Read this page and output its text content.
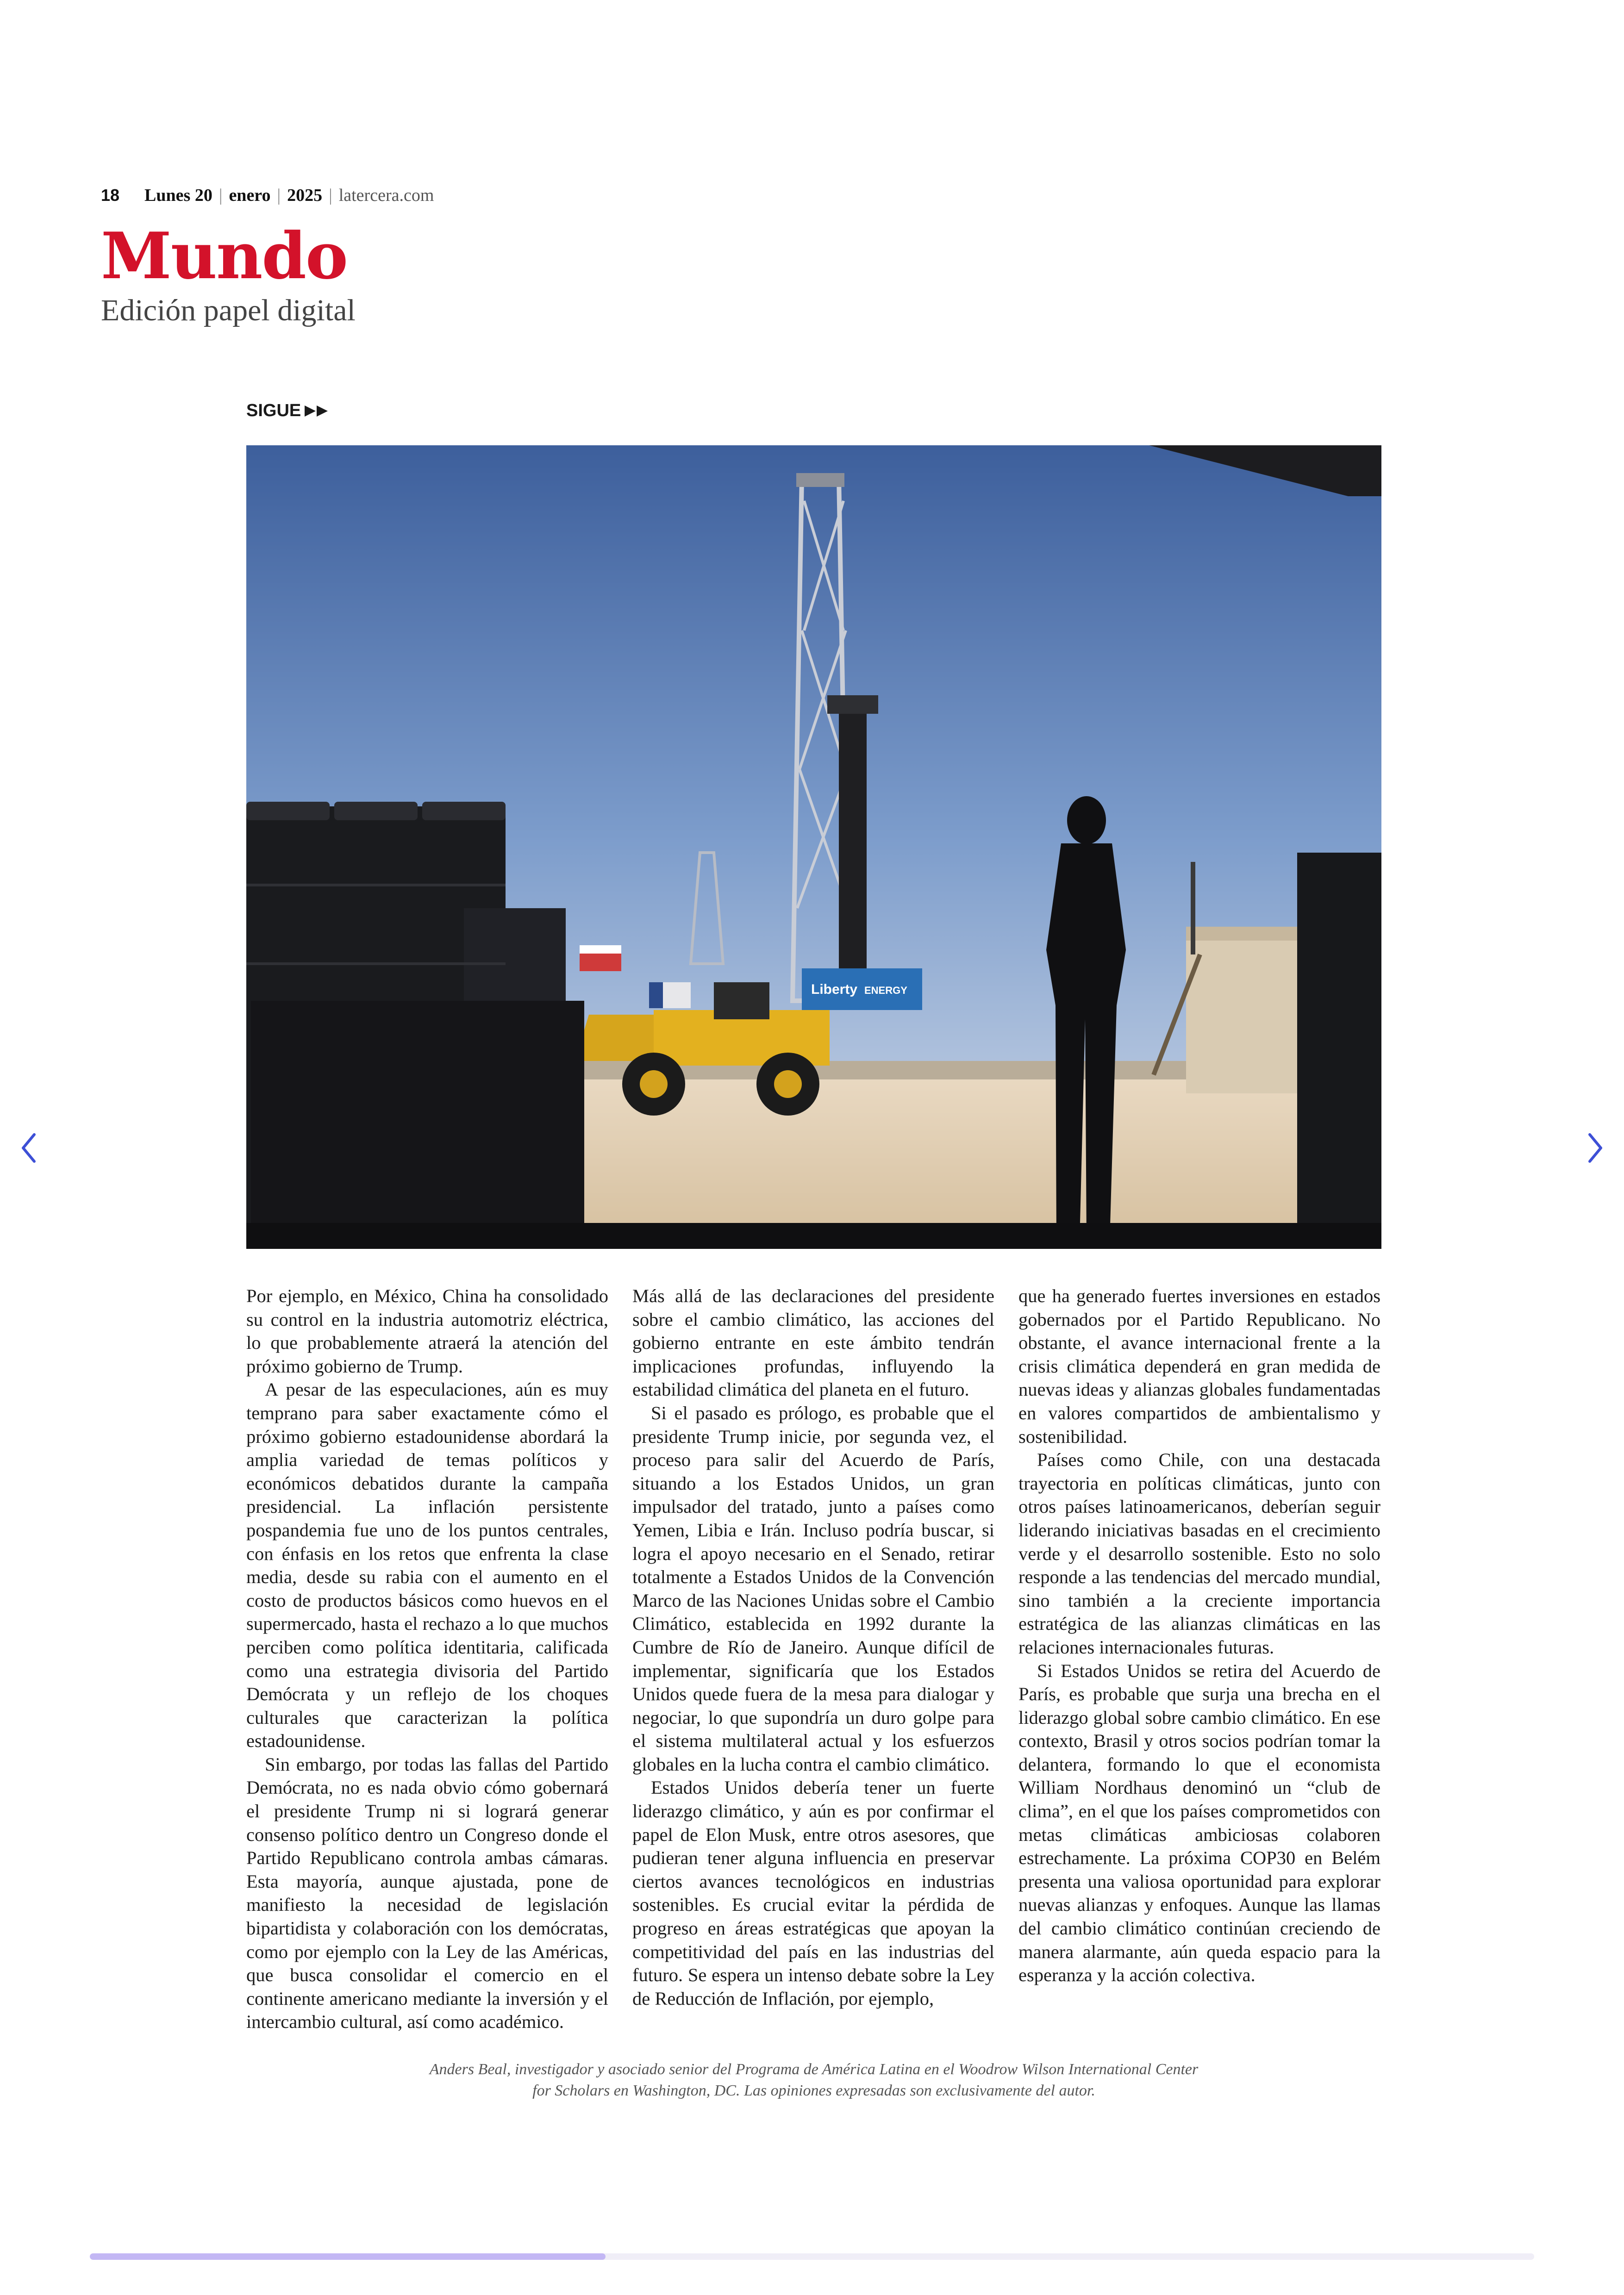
18 Lunes 20 | enero | 2025 | latercera.com
Mundo
Edición papel digital
SIGUE
Liberty ENERGY

Por ejemplo, en México, China ha consolidado su control en la industria automotriz eléctrica, lo que probablemente atraerá la atención del próximo gobierno de Trump.

A pesar de las especulaciones, aún es muy temprano para saber exactamente cómo el próximo gobierno estadounidense abordará la amplia variedad de temas políticos y económicos debatidos durante la campaña presidencial. La inflación persistente pospandemia fue uno de los puntos centrales, con énfasis en los retos que enfrenta la clase media, desde su rabia con el aumento en el costo de productos básicos como huevos en el supermercado, hasta el rechazo a lo que muchos perciben como política identitaria, calificada como una estrategia divisoria del Partido Demócrata y un reflejo de los choques culturales que caracterizan la política estadounidense.

Sin embargo, por todas las fallas del Partido Demócrata, no es nada obvio cómo gobernará el presidente Trump ni si logrará generar consenso político dentro un Congreso donde el Partido Republicano controla ambas cámaras. Esta mayoría, aunque ajustada, pone de manifiesto la necesidad de legislación bipartidista y colaboración con los demócratas, como por ejemplo con la Ley de las Américas, que busca consolidar el comercio en el continente americano mediante la inversión y el intercambio cultural, así como académico.

Más allá de las declaraciones del presidente sobre el cambio climático, las acciones del gobierno entrante en este ámbito tendrán implicaciones profundas, influyendo la estabilidad climática del planeta en el futuro.

Si el pasado es prólogo, es probable que el presidente Trump inicie, por segunda vez, el proceso para salir del Acuerdo de París, situando a los Estados Unidos, un gran impulsador del tratado, junto a países como Yemen, Libia e Irán. Incluso podría buscar, si logra el apoyo necesario en el Senado, retirar totalmente a Estados Unidos de la Convención Marco de las Naciones Unidas sobre el Cambio Climático, establecida en 1992 durante la Cumbre de Río de Janeiro. Aunque difícil de implementar, significaría que los Estados Unidos quede fuera de la mesa para dialogar y negociar, lo que supondría un duro golpe para el sistema multilateral actual y los esfuerzos globales en la lucha contra el cambio climático.

Estados Unidos debería tener un fuerte liderazgo climático, y aún es por confirmar el papel de Elon Musk, entre otros asesores, que pudieran tener alguna influencia en preservar ciertos avances tecnológicos en industrias sostenibles. Es crucial evitar la pérdida de progreso en áreas estratégicas que apoyan la competitividad del país en las industrias del futuro. Se espera un intenso debate sobre la Ley de Reducción de Inflación, por ejemplo,

que ha generado fuertes inversiones en estados gobernados por el Partido Republicano. No obstante, el avance internacional frente a la crisis climática dependerá en gran medida de nuevas ideas y alianzas globales fundamentadas en valores compartidos de ambientalismo y sostenibilidad.

Países como Chile, con una destacada trayectoria en políticas climáticas, junto con otros países latinoamericanos, deberían seguir liderando iniciativas basadas en el crecimiento verde y el desarrollo sostenible. Esto no solo responde a las tendencias del mercado mundial, sino también a la creciente importancia estratégica de las alianzas climáticas en las relaciones internacionales futuras.

Si Estados Unidos se retira del Acuerdo de París, es probable que surja una brecha en el liderazgo global sobre cambio climático. En ese contexto, Brasil y otros socios podrían tomar la delantera, formando lo que el economista William Nordhaus denominó un “club de clima”, en el que los países comprometidos con metas climáticas ambiciosas colaboren estrechamente. La próxima COP30 en Belém presenta una valiosa oportunidad para explorar nuevas alianzas y enfoques. Aunque las llamas del cambio climático continúan creciendo de manera alarmante, aún queda espacio para la esperanza y la acción colectiva.

Anders Beal, investigador y asociado senior del Programa de América Latina en el Woodrow Wilson International Center
for Scholars en Washington, DC. Las opiniones expresadas son exclusivamente del autor.
